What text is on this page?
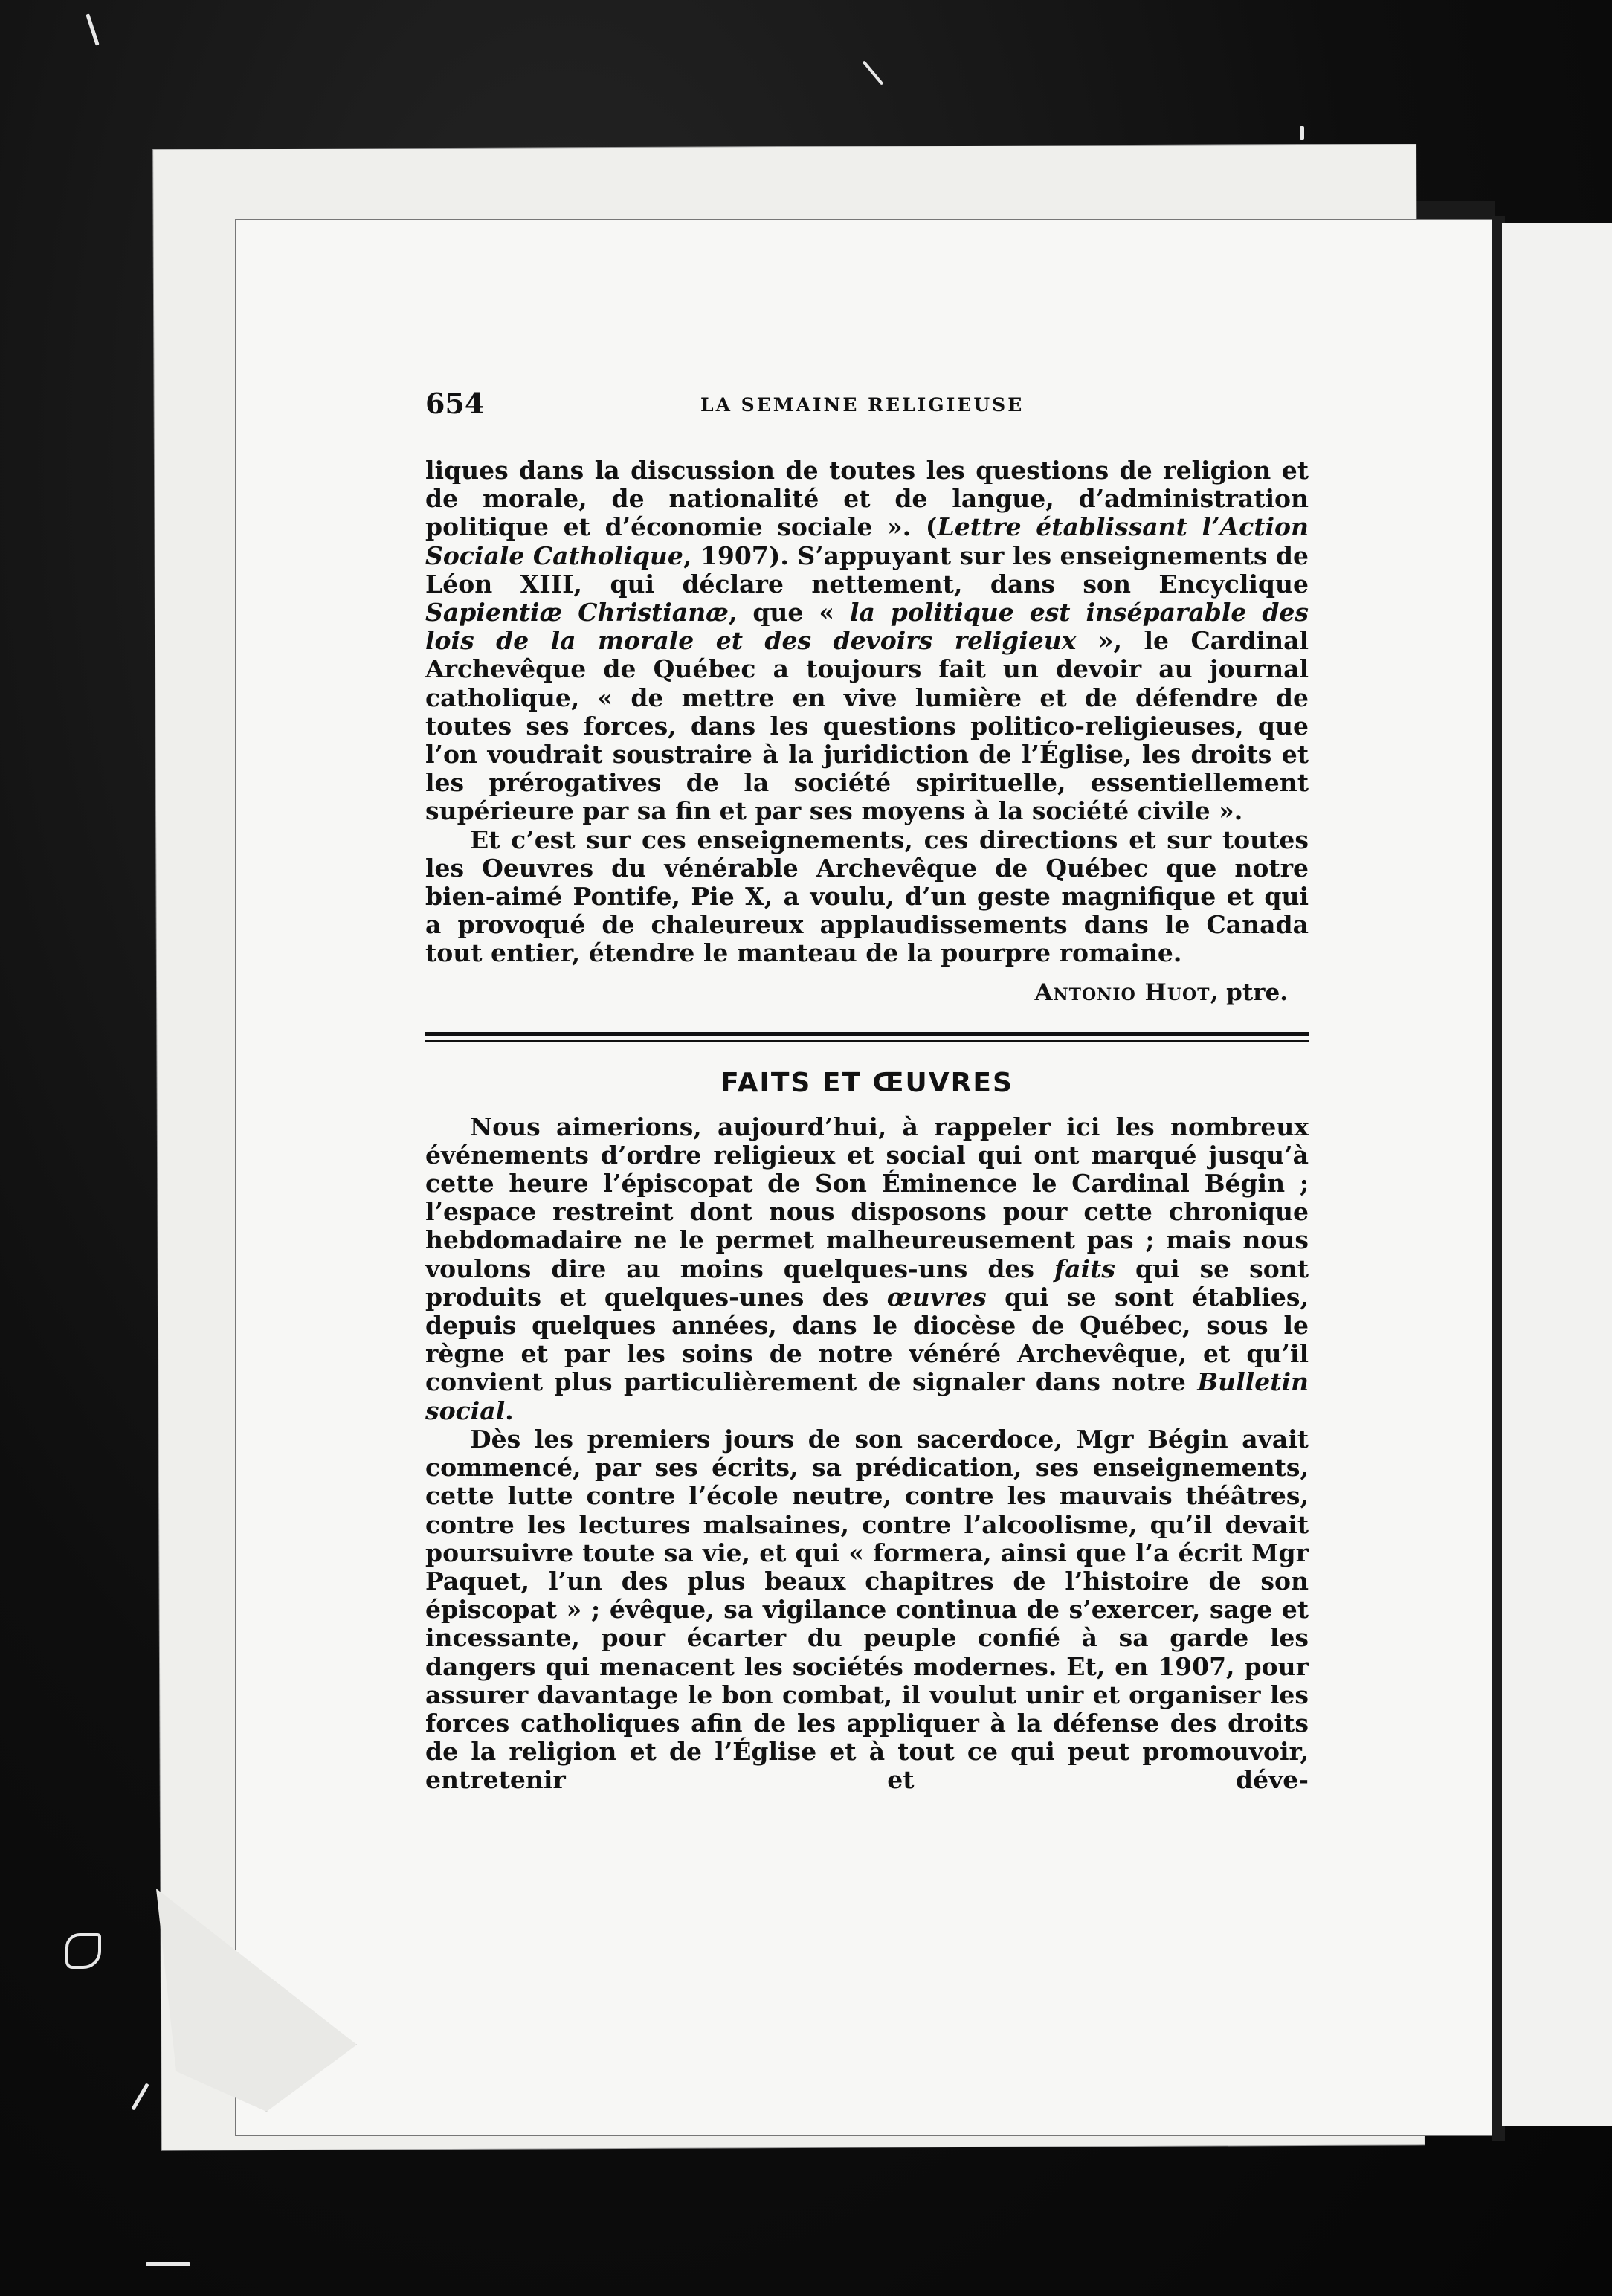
654	LA SEMAINE RELIGIEUSE

liques dans la discussion de toutes les questions de religion et de morale, de nationalité et de langue, d’administration politique et d’économie sociale ». (Lettre établissant l’Action Sociale Catholique, 1907). S’appuyant sur les enseignements de Léon XIII, qui déclare nettement, dans son Encyclique Sapientiæ Christianæ, que « la politique est inséparable des lois de la morale et des devoirs religieux », le Cardinal Archevêque de Québec a toujours fait un devoir au journal catholique, « de mettre en vive lumière et de défendre de toutes ses forces, dans les questions politico-religieuses, que l’on voudrait soustraire à la juridiction de l’Église, les droits et les prérogatives de la société spirituelle, essentiellement supérieure par sa fin et par ses moyens à la société civile ».

Et c’est sur ces enseignements, ces directions et sur toutes les Oeuvres du vénérable Archevêque de Québec que notre bien-aimé Pontife, Pie X, a voulu, d’un geste magnifique et qui a provoqué de chaleureux applaudissements dans le Canada tout entier, étendre le manteau de la pourpre romaine.

Antonio Huot, ptre.
FAITS ET ŒUVRES

Nous aimerions, aujourd’hui, à rappeler ici les nombreux événements d’ordre religieux et social qui ont marqué jusqu’à cette heure l’épiscopat de Son Éminence le Cardinal Bégin ; l’espace restreint dont nous disposons pour cette chronique hebdomadaire ne le permet malheureusement pas ; mais nous voulons dire au moins quelques-uns des faits qui se sont produits et quelques-unes des œuvres qui se sont établies, depuis quelques années, dans le diocèse de Québec, sous le règne et par les soins de notre vénéré Archevêque, et qu’il convient plus particulièrement de signaler dans notre Bulletin social.

Dès les premiers jours de son sacerdoce, Mgr Bégin avait commencé, par ses écrits, sa prédication, ses enseignements, cette lutte contre l’école neutre, contre les mauvais théâtres, contre les lectures malsaines, contre l’alcoolisme, qu’il devait poursuivre toute sa vie, et qui « formera, ainsi que l’a écrit Mgr Paquet, l’un des plus beaux chapitres de l’histoire de son épiscopat » ; évêque, sa vigilance continua de s’exercer, sage et incessante, pour écarter du peuple confié à sa garde les dangers qui menacent les sociétés modernes. Et, en 1907, pour assurer davantage le bon combat, il voulut unir et organiser les forces catholiques afin de les appliquer à la défense des droits de la religion et de l’Église et à tout ce qui peut promouvoir, entretenir et déve-
